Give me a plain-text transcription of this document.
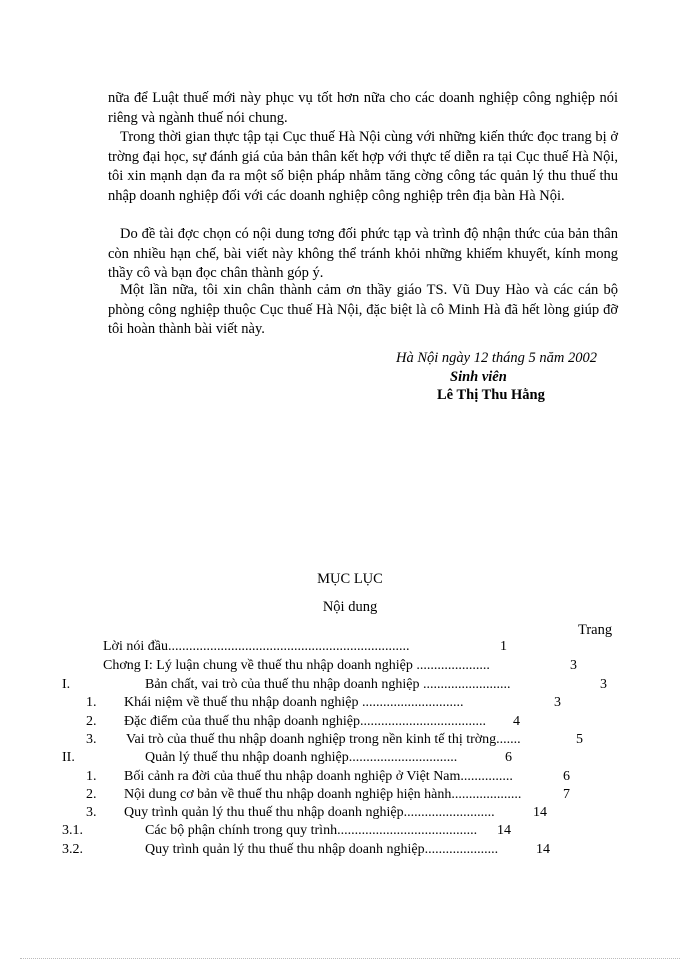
nữa để Luật thuế mới này phục vụ tốt hơn nữa cho các doanh nghiệp công nghiệp nói riêng và ngành thuế nói chung.
Trong thời gian thực tập tại Cục thuế Hà Nội cùng với những kiến thức đọc trang bị ở trờng đại học, sự đánh giá của bản thân kết hợp với thực tế diễn ra tại Cục thuế Hà Nội, tôi xin mạnh dạn đa ra một số biện pháp nhằm tăng cờng công tác quản lý thu thuế thu nhập doanh nghiệp đối với các doanh nghiệp công nghiệp trên địa bàn Hà Nội.
Do đề tài đợc chọn có nội dung tơng đối phức tạp và trình độ nhận thức của bản thân còn nhiều hạn chế, bài viết này không thể tránh khỏi những khiếm khuyết, kính mong thầy cô và bạn đọc chân thành góp ý.
Một lần nữa, tôi xin chân thành cảm ơn thầy giáo TS. Vũ Duy Hào và các cán bộ phòng công nghiệp thuộc Cục thuế Hà Nội, đặc biệt là cô Minh Hà đã hết lòng giúp đỡ tôi hoàn thành bài viết này.
Hà Nội ngày 12 tháng 5 năm 2002
Sinh viên
Lê Thị Thu Hằng
MỤC LỤC
Nội dung
Trang
Lời nói đầu.....................................................................	1
Chơng I: Lý luận chung về thuế thu nhập doanh nghiệp .....................	3
I.	Bản chất, vai trò của thuế thu nhập doanh nghiệp .........................	3
1. Khái niệm về thuế thu nhập doanh nghiệp .............................	3
2. Đặc điểm của thuế thu nhập doanh nghiệp.................................... 4
3. Vai trò của thuế thu nhập doanh nghiệp trong nền kinh tế thị trờng.......	5
II.	Quản lý thuế thu nhập doanh nghiệp...............................	6
1. Bối cảnh ra đời của thuế thu nhập doanh nghiệp ở Việt Nam...............	6
2. Nội dung cơ bản về thuế thu nhập doanh nghiệp hiện hành....................	7
3. Quy trình quản lý thu thuế thu nhập doanh nghiệp..........................	14
3.1.	Các bộ phận chính trong quy trình........................................ 14
3.2.	Quy trình quản lý thu thuế thu nhập doanh nghiệp.....................	14
